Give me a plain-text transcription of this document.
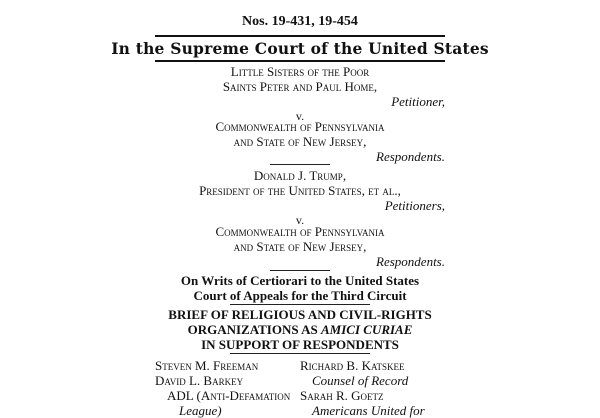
Nos. 19-431, 19-454
In the Supreme Court of the United States
Little Sisters of the Poor
Saints Peter and Paul Home,
Petitioner,
v.
Commonwealth of Pennsylvania
and State of New Jersey,
Respondents.
Donald J. Trump,
President of the United States, et al.,
Petitioners,
v.
Commonwealth of Pennsylvania
and State of New Jersey,
Respondents.
On Writs of Certiorari to the United States
Court of Appeals for the Third Circuit
BRIEF OF RELIGIOUS AND CIVIL-RIGHTS
ORGANIZATIONS AS AMICI CURIAE
IN SUPPORT OF RESPONDENTS
Steven M. Freeman
David L. Barkey
ADL (Anti-Defamation
League)
Richard B. Katskee
Counsel of Record
Sarah R. Goetz
Americans United for
